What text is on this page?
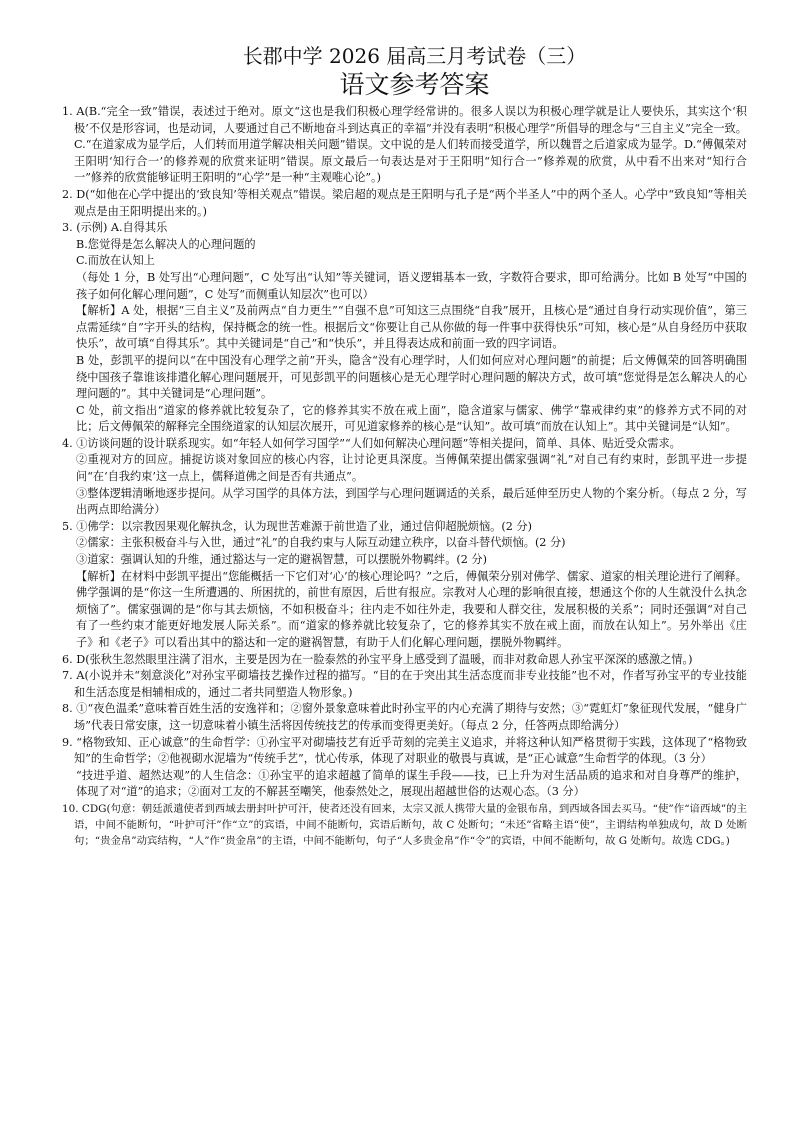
长郡中学 2026 届高三月考试卷（三）
语文参考答案

1. A(B.“完全一致”错误，表述过于绝对。原文“这也是我们积极心理学经常讲的。很多人误以为积极心理学就是让人要快乐，其实这个‘积极’不仅是形容词，也是动词，人要通过自己不断地奋斗到达真正的幸福”并没有表明“积极心理学”所倡导的理念与“三自主义”完全一致。C.“在道家成为显学后，人们转而用道学解决相关问题”错误。文中说的是人们转而接受道学，所以魏晋之后道家成为显学。D.“傅佩荣对王阳明‘知行合一’的修养观的欣赏来证明”错误。原文最后一句表达是对于王阳明“知行合一”修养观的欣赏，从中看不出来对“知行合一”修养的欣赏能够证明王阳明的“心学”是一种“主观唯心论”。)

2. D(“如他在心学中提出的‘致良知’等相关观点”错误。梁启超的观点是王阳明与孔子是“两个半圣人”中的两个圣人。心学中“致良知”等相关观点是由王阳明提出来的。)

3. (示例) A.自得其乐

B.您觉得是怎么解决人的心理问题的

C.而放在认知上

（每处 1 分，B 处写出“心理问题”，C 处写出“认知”等关键词，语义逻辑基本一致，字数符合要求，即可给满分。比如 B 处写“中国的孩子如何化解心理问题”，C 处写“而侧重认知层次”也可以）

【解析】A 处，根据“三自主义”及前两点“自力更生”“自强不息”可知这三点围绕“自我”展开，且核心是“通过自身行动实现价值”，第三点需延续“自”字开头的结构，保持概念的统一性。根据后文“你要让自己从你做的每一件事中获得快乐”可知，核心是“从自身经历中获取快乐”，故可填“自得其乐”。其中关键词是“自己”和“快乐”，并且得表达成和前面一致的四字词语。

B 处，彭凯平的提问以“在中国没有心理学之前”开头，隐含“没有心理学时，人们如何应对心理问题”的前提；后文傅佩荣的回答明确围绕中国孩子靠谁该排遣化解心理问题展开，可见彭凯平的问题核心是无心理学时心理问题的解决方式，故可填“您觉得是怎么解决人的心理问题的”。其中关键词是“心理问题”。

C 处，前文指出“道家的修养就比较复杂了，它的修养其实不放在戒上面”，隐含道家与儒家、佛学“靠戒律约束”的修养方式不同的对比；后文傅佩荣的解释完全围绕道家的认知层次展开，可见道家修养的核心是“认知”。故可填“而放在认知上”。其中关键词是“认知”。

4. ①访谈问题的设计联系现实。如“年轻人如何学习国学”“人们如何解决心理问题”等相关提问，简单、具体、贴近受众需求。

②重视对方的回应。捕捉访谈对象回应的核心内容，让讨论更具深度。当傅佩荣提出儒家强调“礼”对自己有约束时，彭凯平进一步提问“在‘自我约束’这一点上，儒释道佛之间是否有共通点”。

③整体逻辑清晰地逐步提问。从学习国学的具体方法，到国学与心理问题调适的关系，最后延伸至历史人物的个案分析。（每点 2 分，写出两点即给满分）

5. ①佛学：以宗教因果观化解执念，认为现世苦难源于前世造了业，通过信仰超脱烦恼。(2 分)

②儒家：主张积极奋斗与入世，通过“礼”的自我约束与人际互动建立秩序，以奋斗替代烦恼。(2 分)

③道家：强调认知的升维，通过豁达与一定的避祸智慧，可以摆脱外物羁绊。(2 分)

【解析】在材料中彭凯平提出“您能概括一下它们对‘心’的核心理论吗？”之后，傅佩荣分别对佛学、儒家、道家的相关理论进行了阐释。佛学强调的是“你这一生所遭遇的、所困扰的，前世有原因，后世有报应。宗教对人心理的影响很直接，想通这个你的人生就没什么执念烦恼了”。儒家强调的是“你与其去烦恼，不如积极奋斗；往内走不如往外走，我要和人群交往，发展积极的关系”；同时还强调“对自己有了一些约束才能更好地发展人际关系”。而“道家的修养就比较复杂了，它的修养其实不放在戒上面，而放在认知上”。另外举出《庄子》和《老子》可以看出其中的豁达和一定的避祸智慧，有助于人们化解心理问题，摆脱外物羁绊。

6. D(张秋生忽然眼里注满了泪水，主要是因为在一脸泰然的孙宝平身上感受到了温暖，而非对救命恩人孙宝平深深的感激之情。)

7. A(小说并未“刻意淡化”对孙宝平砌墙技艺操作过程的描写。“目的在于突出其生活态度而非专业技能”也不对，作者写孙宝平的专业技能和生活态度是相辅相成的，通过二者共同塑造人物形象。)

8. ①“夜色温柔”意味着百姓生活的安逸祥和；②窗外景象意味着此时孙宝平的内心充满了期待与安然；③“霓虹灯”象征现代发展，“健身广场”代表日常安康，这一切意味着小镇生活将因传统技艺的传承而变得更美好。（每点 2 分，任答两点即给满分）

9. “格物致知、正心诚意”的生命哲学：①孙宝平对砌墙技艺有近乎苛刻的完美主义追求，并将这种认知严格贯彻于实践，这体现了“格物致知”的生命哲学；②他视砌水泥墙为“传统手艺”，忧心传承，体现了对职业的敬畏与真诚，是“正心诚意”生命哲学的体现。（3 分）

“技进乎道、超然达观”的人生信念：①孙宝平的追求超越了简单的谋生手段——技，已上升为对生活品质的追求和对自身尊严的维护，体现了对“道”的追求；②面对工友的不解甚至嘲笑，他泰然处之，展现出超越世俗的达观心态。（3 分）

10. CDG(句意：朝廷派遣使者到西域去册封叶护可汗，使者还没有回来，太宗又派人携带大量的金银布帛，到西域各国去买马。“使”作“谙西域”的主语，中间不能断句，“叶护可汗”作“立”的宾语，中间不能断句，宾语后断句，故 C 处断句；“未还”省略主语“使”，主谓结构单独成句，故 D 处断句；“贵金帛”动宾结构，“人”作“贵金帛”的主语，中间不能断句，句子“人多贵金帛”作“令”的宾语，中间不能断句，故 G 处断句。故选 CDG。)
